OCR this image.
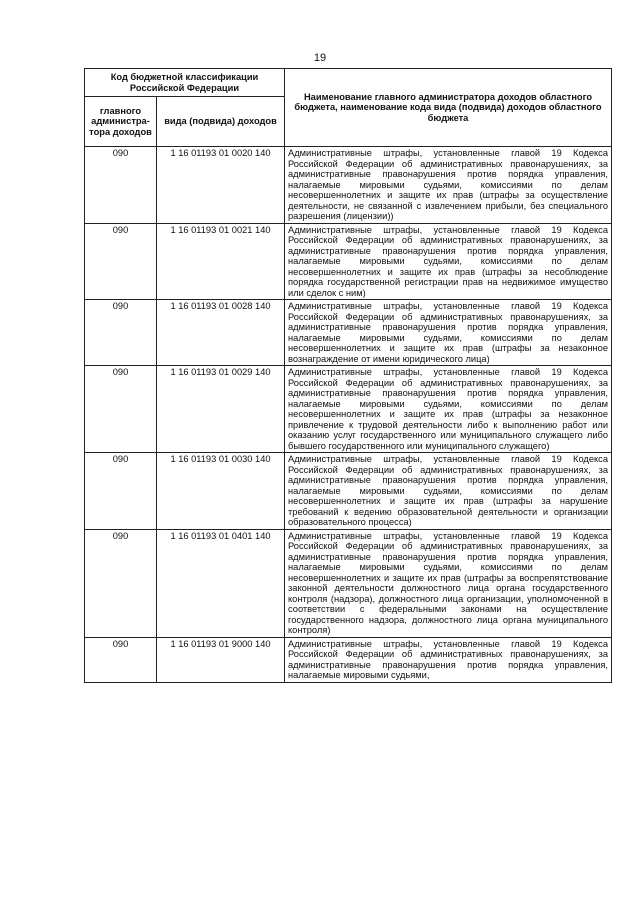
19
Код бюджетной классификации Российской Федерации		Наименование главного администратора доходов областного бюджета, наименование кода вида (подвида) доходов областного бюджета
главного администра-тора доходов	вида (подвида) доходов	
090	1 16 01193 01 0020 140	Административные штрафы, установленные главой 19 Кодекса Российской Федерации об административных правонарушениях, за административные правонарушения против порядка управления, налагаемые мировыми судьями, комиссиями по делам несовершеннолетних и защите их прав (штрафы за осуществление деятельности, не связанной с извлечением прибыли, без специального разрешения (лицензии))
090	1 16 01193 01 0021 140	Административные штрафы, установленные главой 19 Кодекса Российской Федерации об административных правонарушениях, за административные правонарушения против порядка управления, налагаемые мировыми судьями, комиссиями по делам несовершеннолетних и защите их прав (штрафы за несоблюдение порядка государственной регистрации прав на недвижимое имущество или сделок с ним)
090	1 16 01193 01 0028 140	Административные штрафы, установленные главой 19 Кодекса Российской Федерации об административных правонарушениях, за административные правонарушения против порядка управления, налагаемые мировыми судьями, комиссиями по делам несовершеннолетних и защите их прав (штрафы за незаконное вознаграждение от имени юридического лица)
090	1 16 01193 01 0029 140	Административные штрафы, установленные главой 19 Кодекса Российской Федерации об административных правонарушениях, за административные правонарушения против порядка управления, налагаемые мировыми судьями, комиссиями по делам несовершеннолетних и защите их прав (штрафы за незаконное привлечение к трудовой деятельности либо к выполнению работ или оказанию услуг государственного или муниципального служащего либо бывшего государственного или муниципального служащего)
090	1 16 01193 01 0030 140	Административные штрафы, установленные главой 19 Кодекса Российской Федерации об административных правонарушениях, за административные правонарушения против порядка управления, налагаемые мировыми судьями, комиссиями по делам несовершеннолетних и защите их прав (штрафы за нарушение требований к ведению образовательной деятельности и организации образовательного процесса)
090	1 16 01193 01 0401 140	Административные штрафы, установленные главой 19 Кодекса Российской Федерации об административных правонарушениях, за административные правонарушения против порядка управления, налагаемые мировыми судьями, комиссиями по делам несовершеннолетних и защите их прав (штрафы за воспрепятствование законной деятельности должностного лица органа государственного контроля (надзора), должностного лица организации, уполномоченной в соответствии с федеральными законами на осуществление государственного надзора, должностного лица органа муниципального контроля)
090	1 16 01193 01 9000 140	Административные штрафы, установленные главой 19 Кодекса Российской Федерации об административных правонарушениях, за административные правонарушения против порядка управления, налагаемые мировыми судьями,
